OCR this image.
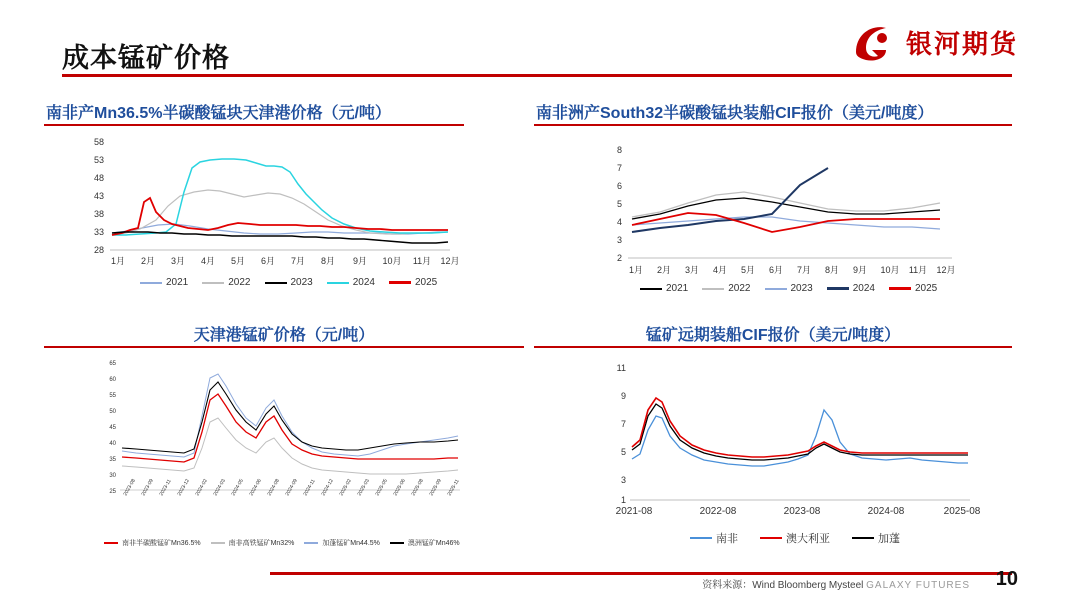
成本锰矿价格	银河期货
南非产Mn36.5%半碳酸锰块天津港价格（元/吨）
58
53
48
43
38
33
28
1月 2月 3月 4月 5月 6月 7月 8月 9月 10月 11月 12月
2021	2022	2023	2024	2025
南非洲产South32半碳酸锰块装船CIF报价（美元/吨度）
8
7
6
5
4
3
2
1月 2月 3月 4月 5月 6月 7月 8月 9月 10月 11月 12月
2021	2022	2023	2024	2025
天津港锰矿价格（元/吨）
65
60
55
50
45
40
35
30
25 2023-08 2023-09 2023-11 2023-12 2024-02 2024-03 2024-05 2024-06 2024-08 2024-09 2024-11 2024-12 2025-02 2025-03 2025-05 2025-06 2025-08 2025-09 2025-11
南非半碳酸锰矿Mn36.5%	南非高铁锰矿Mn32%	加蓬锰矿Mn44.5%	澳洲锰矿Mn46%
锰矿远期装船CIF报价（美元/吨度）
11
9
7
5
3
1
2021-08	2022-08	2023-08	2024-08	2025-08
南非	澳大利亚	加蓬
资料来源：Wind Bloomberg Mysteel GALAXY FUTURES 10
